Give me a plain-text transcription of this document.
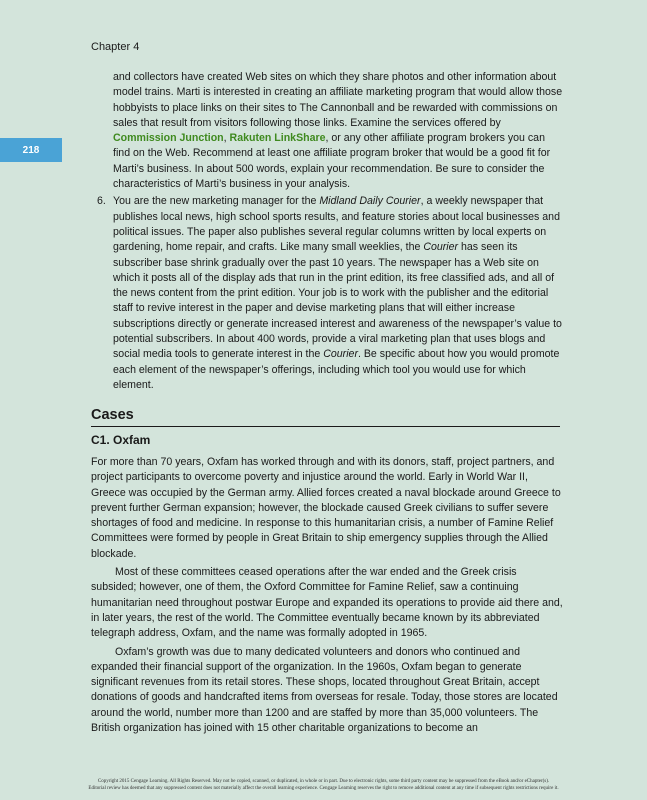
Chapter 4
218

and collectors have created Web sites on which they share photos and other information about model trains. Marti is interested in creating an affiliate marketing program that would allow those hobbyists to place links on their sites to The Cannonball and be rewarded with commissions on sales that result from visitors following those links. Examine the services offered by Commission Junction, Rakuten LinkShare, or any other affiliate program brokers you can find on the Web. Recommend at least one affiliate program broker that would be a good fit for Marti’s business. In about 500 words, explain your recommendation. Be sure to consider the characteristics of Marti’s business in your analysis.

6. You are the new marketing manager for the Midland Daily Courier, a weekly newspaper that publishes local news, high school sports results, and feature stories about local businesses and political issues. The paper also publishes several regular columns written by local experts on gardening, home repair, and crafts. Like many small weeklies, the Courier has seen its subscriber base shrink gradually over the past 10 years. The newspaper has a Web site on which it posts all of the display ads that run in the print edition, its free classified ads, and all of the news content from the print edition. Your job is to work with the publisher and the editorial staff to revive interest in the paper and devise marketing plans that will either increase subscriptions directly or generate increased interest and awareness of the newspaper’s value to potential subscribers. In about 400 words, provide a viral marketing plan that uses blogs and social media tools to generate interest in the Courier. Be specific about how you would promote each element of the newspaper’s offerings, including which tool you would use for which element.

Cases
C1. Oxfam

For more than 70 years, Oxfam has worked through and with its donors, staff, project partners, and project participants to overcome poverty and injustice around the world. Early in World War II, Greece was occupied by the German army. Allied forces created a naval blockade around Greece to prevent further German expansion; however, the blockade caused Greek civilians to suffer severe shortages of food and medicine. In response to this humanitarian crisis, a number of Famine Relief Committees were formed by people in Great Britain to ship emergency supplies through the Allied blockade.

Most of these committees ceased operations after the war ended and the Greek crisis subsided; however, one of them, the Oxford Committee for Famine Relief, saw a continuing humanitarian need throughout postwar Europe and expanded its operations to provide aid there and, in later years, the rest of the world. The Committee eventually became known by its abbreviated telegraph address, Oxfam, and the name was formally adopted in 1965.

Oxfam’s growth was due to many dedicated volunteers and donors who continued and expanded their financial support of the organization. In the 1960s, Oxfam began to generate significant revenues from its retail stores. These shops, located throughout Great Britain, accept donations of goods and handcrafted items from overseas for resale. Today, those stores are located around the world, number more than 1200 and are staffed by more than 35,000 volunteers. The British organization has joined with 15 other charitable organizations to become an

Copyright 2015 Cengage Learning. All Rights Reserved. May not be copied, scanned, or duplicated, in whole or in part. Due to electronic rights, some third party content may be suppressed from the eBook and/or eChapter(s).

Editorial review has deemed that any suppressed content does not materially affect the overall learning experience. Cengage Learning reserves the right to remove additional content at any time if subsequent rights restrictions require it.
